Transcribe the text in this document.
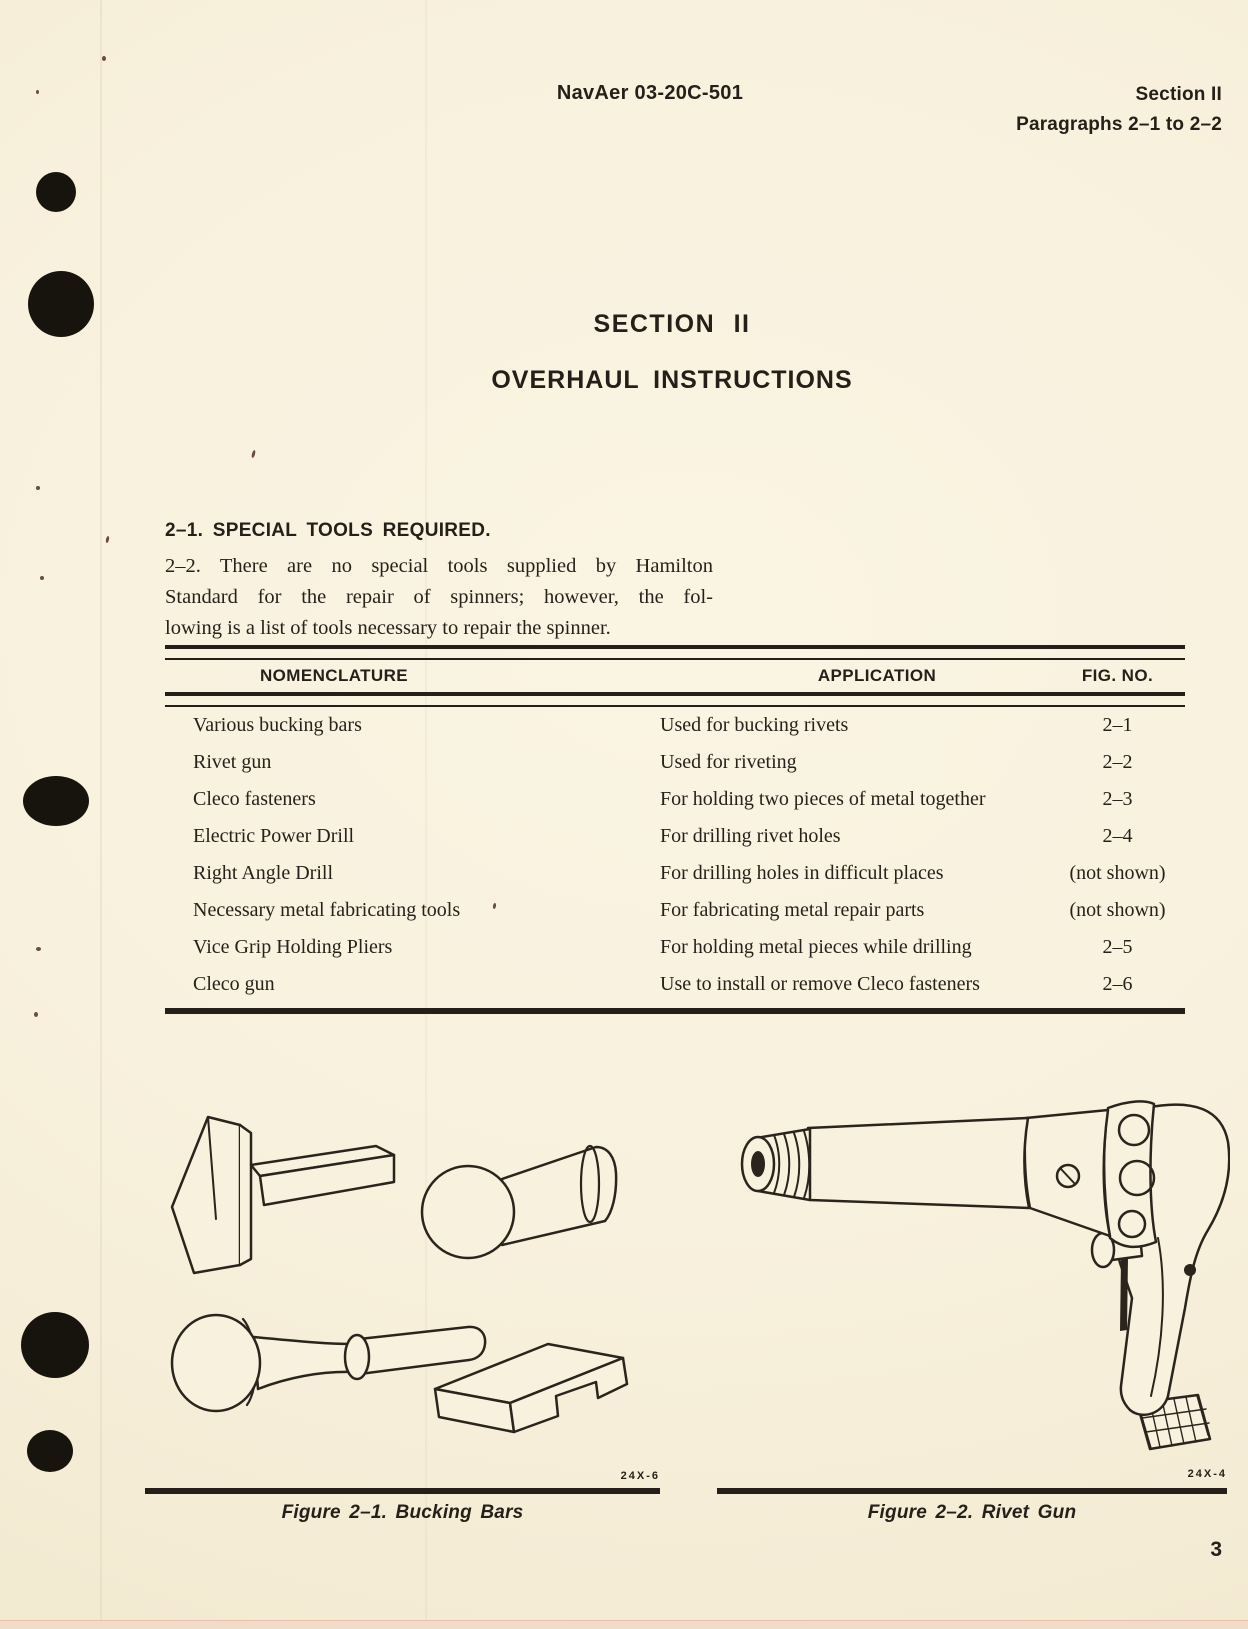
NavAer 03-20C-501	Section II
Paragraphs 2–1 to 2–2
SECTION II
OVERHAUL INSTRUCTIONS
2–1. SPECIAL TOOLS REQUIRED.
2–2. There are no special tools supplied by Hamilton
Standard for the repair of spinners; however, the fol-
lowing is a list of tools necessary to repair the spinner.
NOMENCLATURE	APPLICATION	FIG. NO.
Various bucking bars	Used for bucking rivets	2–1
Rivet gun	Used for riveting	2–2
Cleco fasteners	For holding two pieces of metal together	2–3
Electric Power Drill	For drilling rivet holes	2–4
Right Angle Drill	For drilling holes in difficult places	(not shown)
Necessary metal fabricating tools	For fabricating metal repair parts	(not shown)
Vice Grip Holding Pliers	For holding metal pieces while drilling	2–5
Cleco gun	Use to install or remove Cleco fasteners	2–6
24X-6
Figure 2–1. Bucking Bars
24X-4
Figure 2–2. Rivet Gun
3
